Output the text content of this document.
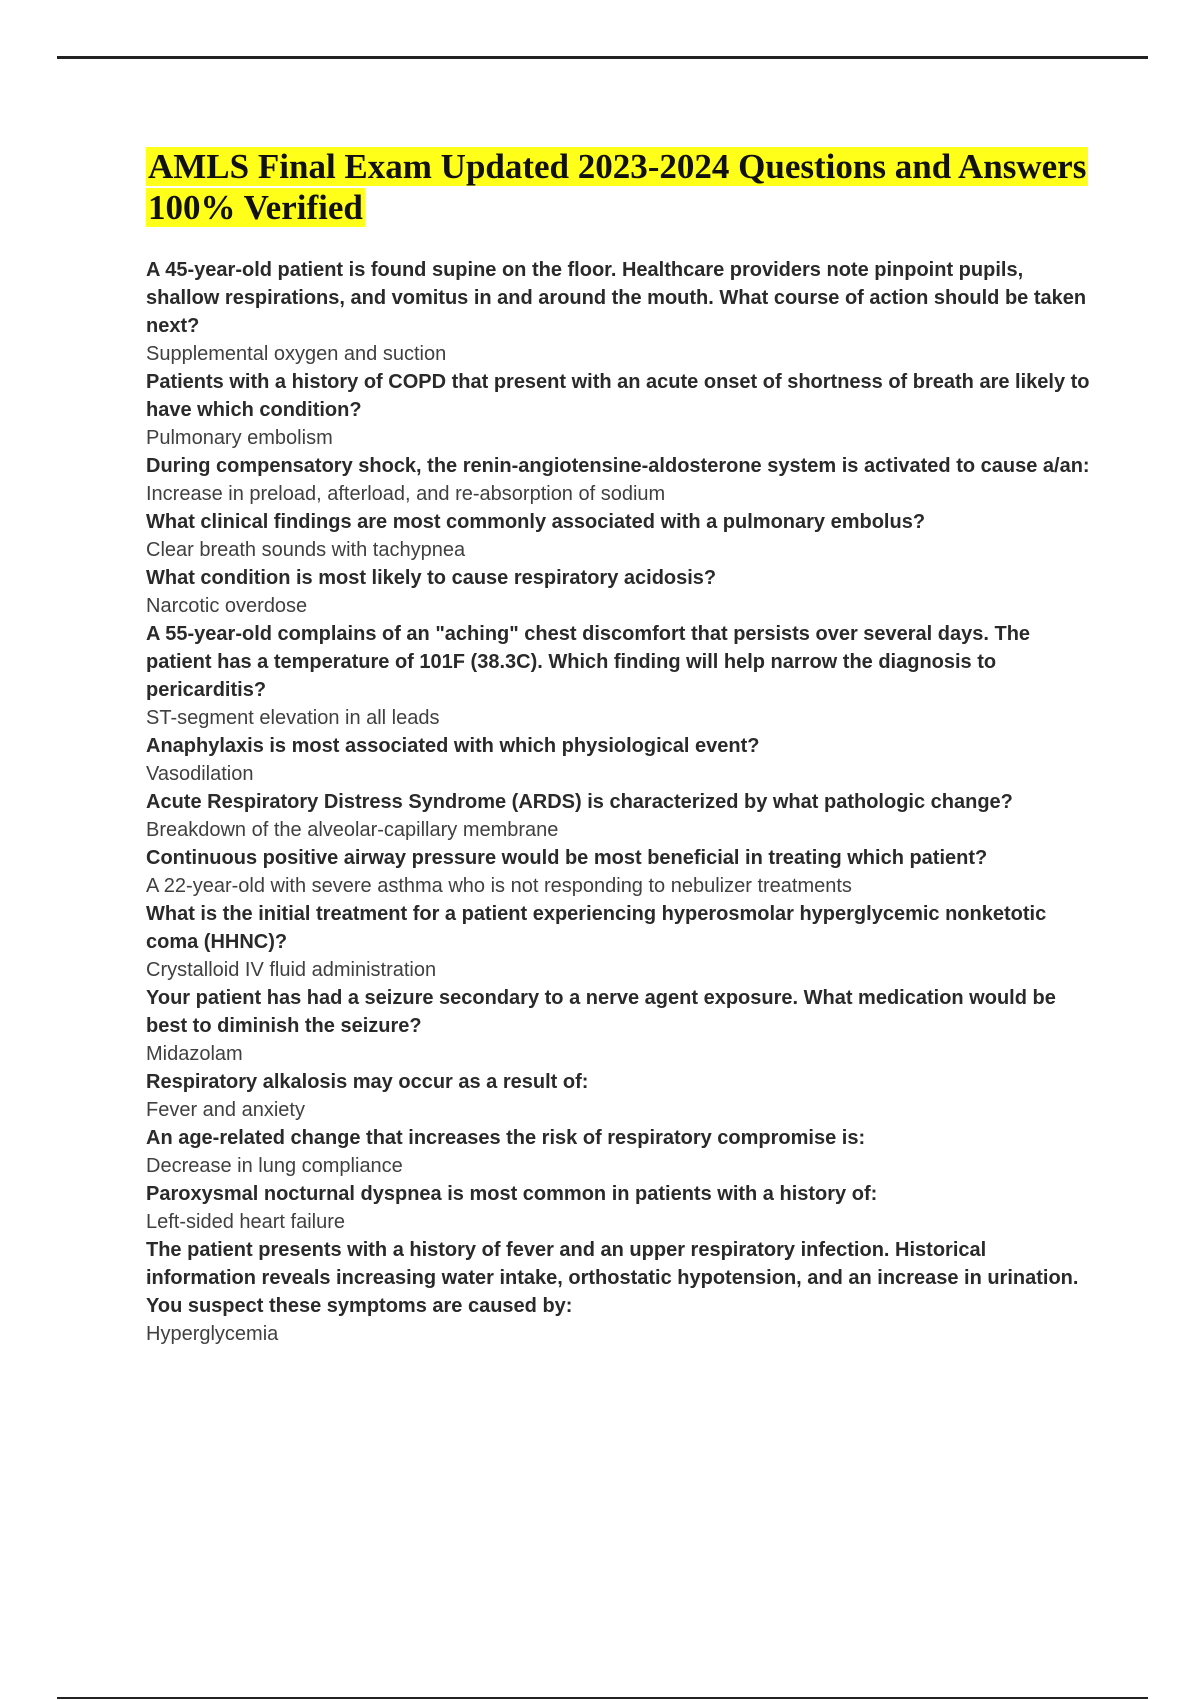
AMLS Final Exam Updated 2023-2024 Questions and Answers 100% Verified
A 45-year-old patient is found supine on the floor. Healthcare providers note pinpoint pupils, shallow respirations, and vomitus in and around the mouth. What course of action should be taken next?
Supplemental oxygen and suction
Patients with a history of COPD that present with an acute onset of shortness of breath are likely to have which condition?
Pulmonary embolism
During compensatory shock, the renin-angiotensine-aldosterone system is activated to cause a/an:
Increase in preload, afterload, and re-absorption of sodium
What clinical findings are most commonly associated with a pulmonary embolus?
Clear breath sounds with tachypnea
What condition is most likely to cause respiratory acidosis?
Narcotic overdose
A 55-year-old complains of an "aching" chest discomfort that persists over several days. The patient has a temperature of 101F (38.3C). Which finding will help narrow the diagnosis to pericarditis?
ST-segment elevation in all leads
Anaphylaxis is most associated with which physiological event?
Vasodilation
Acute Respiratory Distress Syndrome (ARDS) is characterized by what pathologic change?
Breakdown of the alveolar-capillary membrane
Continuous positive airway pressure would be most beneficial in treating which patient?
A 22-year-old with severe asthma who is not responding to nebulizer treatments
What is the initial treatment for a patient experiencing hyperosmolar hyperglycemic nonketotic coma (HHNC)?
Crystalloid IV fluid administration
Your patient has had a seizure secondary to a nerve agent exposure. What medication would be best to diminish the seizure?
Midazolam
Respiratory alkalosis may occur as a result of:
Fever and anxiety
An age-related change that increases the risk of respiratory compromise is:
Decrease in lung compliance
Paroxysmal nocturnal dyspnea is most common in patients with a history of:
Left-sided heart failure
The patient presents with a history of fever and an upper respiratory infection. Historical information reveals increasing water intake, orthostatic hypotension, and an increase in urination. You suspect these symptoms are caused by:
Hyperglycemia
